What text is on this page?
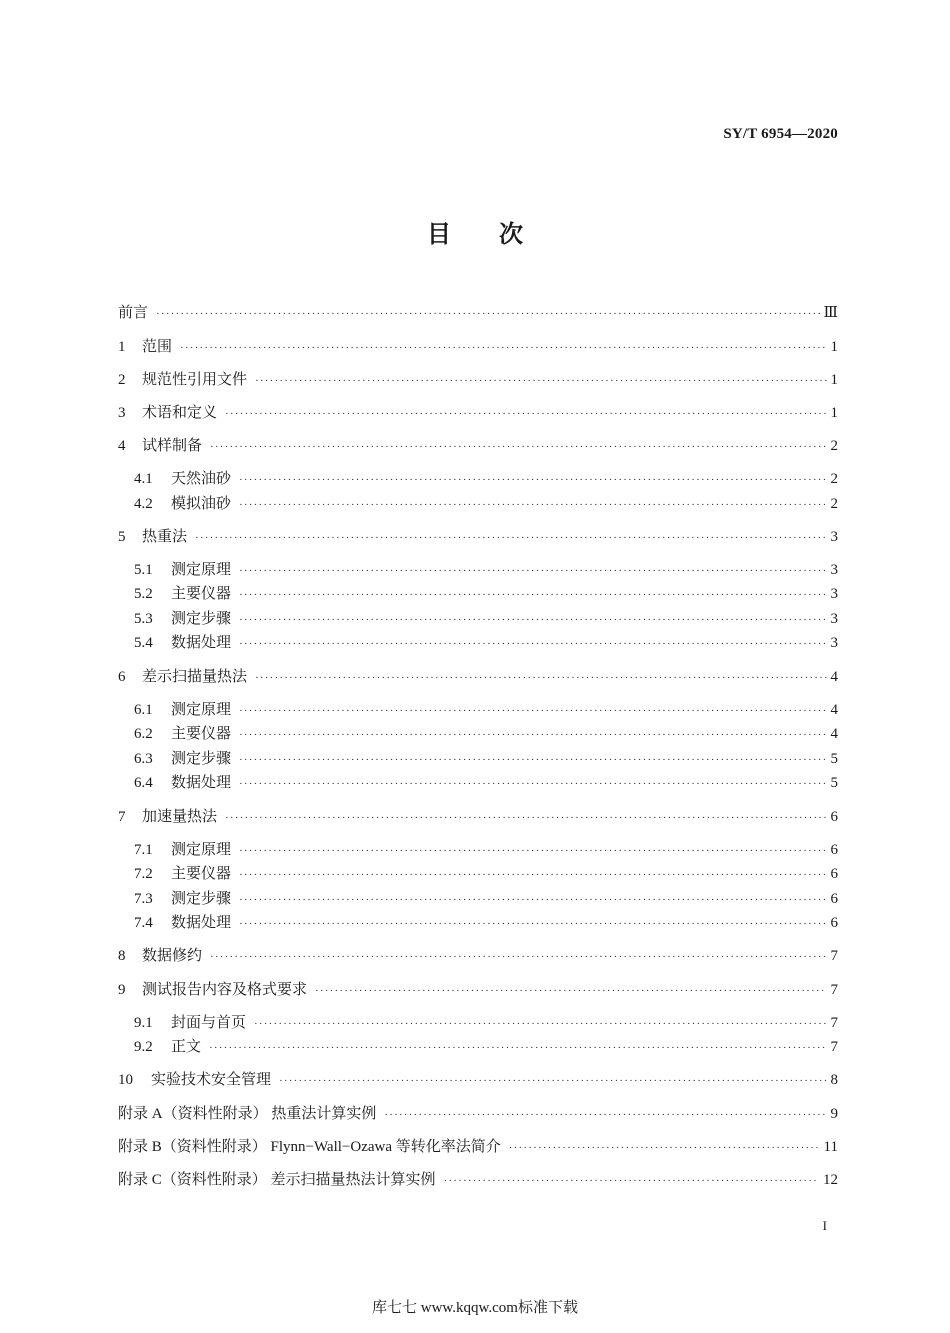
SY/T 6954—2020
目 次
前言 ·····	Ⅲ
1	范围 ·····	1
2	规范性引用文件 ·····	1
3	术语和定义 ·····	1
4	试样制备 ·····	2
4.1	天然油砂 ·····	2
4.2	模拟油砂 ·····	2
5	热重法 ·····	3
5.1	测定原理 ·····	3
5.2	主要仪器 ·····	3
5.3	测定步骤 ·····	3
5.4	数据处理 ·····	3
6	差示扫描量热法 ·····	4
6.1	测定原理 ·····	4
6.2	主要仪器 ·····	4
6.3	测定步骤 ·····	5
6.4	数据处理 ·····	5
7	加速量热法 ·····	6
7.1	测定原理 ·····	6
7.2	主要仪器 ·····	6
7.3	测定步骤 ·····	6
7.4	数据处理 ·····	6
8	数据修约 ·····	7
9	测试报告内容及格式要求 ·····	7
9.1	封面与首页 ·····	7
9.2	正文 ·····	7
10	实验技术安全管理 ·····	8
附录 A（资料性附录） 热重法计算实例 ·····	9
附录 B（资料性附录） Flynn−Wall−Ozawa 等转化率法简介 ·····	11
附录 C（资料性附录） 差示扫描量热法计算实例 ·····	12
I
库七七 www.kqqw.com标准下载
